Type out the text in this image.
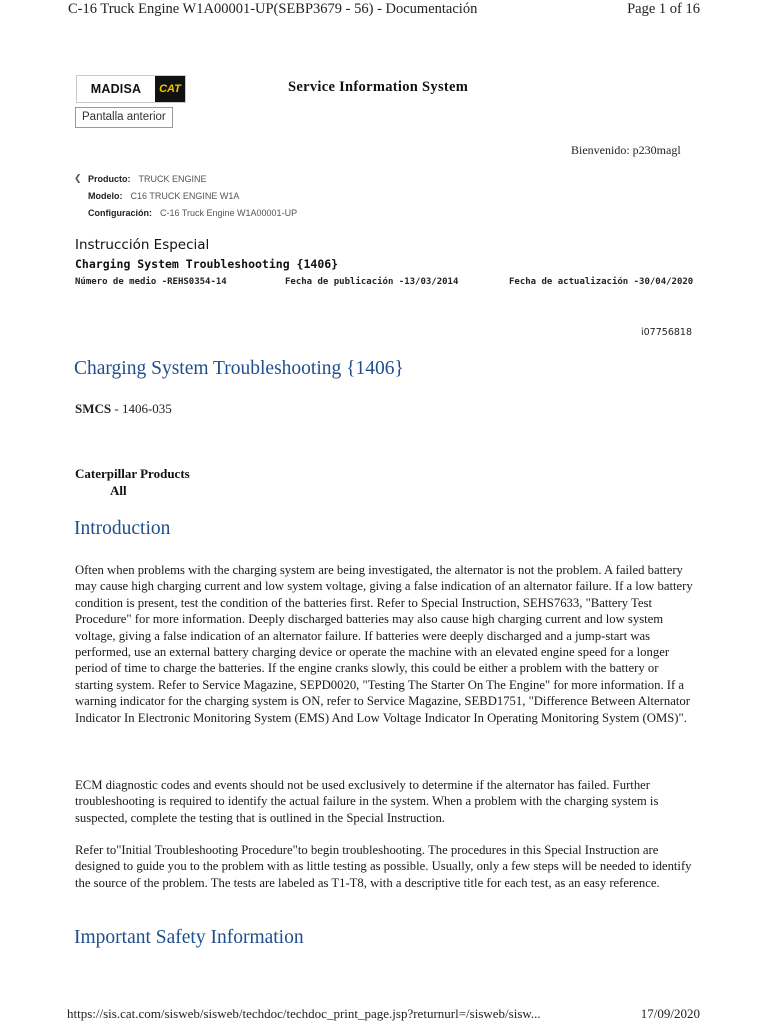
C-16 Truck Engine W1A00001-UP(SEBP3679 - 56) - Documentación	Page 1 of 16
MADISA	CAT	Service Information System
Pantalla anterior
Bienvenido: p230magl
❮ Producto: TRUCK ENGINE
Modelo: C16 TRUCK ENGINE W1A
Configuración: C-16 Truck Engine W1A00001-UP
Instrucción Especial
Charging System Troubleshooting {1406}
Número de medio -REHS0354-14	Fecha de publicación -13/03/2014	Fecha de actualización -30/04/2020
i07756818
Charging System Troubleshooting {1406}
SMCS - 1406-035
Caterpillar Products
All
Introduction
Often when problems with the charging system are being investigated, the alternator is not the problem. A failed battery may cause high charging current and low system voltage, giving a false indication of an alternator failure. If a low battery condition is present, test the condition of the batteries first. Refer to Special Instruction, SEHS7633, "Battery Test Procedure" for more information. Deeply discharged batteries may also cause high charging current and low system voltage, giving a false indication of an alternator failure. If batteries were deeply discharged and a jump-start was performed, use an external battery charging device or operate the machine with an elevated engine speed for a longer period of time to charge the batteries. If the engine cranks slowly, this could be either a problem with the battery or starting system. Refer to Service Magazine, SEPD0020, "Testing The Starter On The Engine" for more information. If a warning indicator for the charging system is ON, refer to Service Magazine, SEBD1751, "Difference Between Alternator Indicator In Electronic Monitoring System (EMS) And Low Voltage Indicator In Operating Monitoring System (OMS)".
ECM diagnostic codes and events should not be used exclusively to determine if the alternator has failed. Further troubleshooting is required to identify the actual failure in the system. When a problem with the charging system is suspected, complete the testing that is outlined in the Special Instruction.
Refer to"Initial Troubleshooting Procedure"to begin troubleshooting. The procedures in this Special Instruction are designed to guide you to the problem with as little testing as possible. Usually, only a few steps will be needed to identify the source of the problem. The tests are labeled as T1-T8, with a descriptive title for each test, as an easy reference.
Important Safety Information
https://sis.cat.com/sisweb/sisweb/techdoc/techdoc_print_page.jsp?returnurl=/sisweb/sisw...	17/09/2020
